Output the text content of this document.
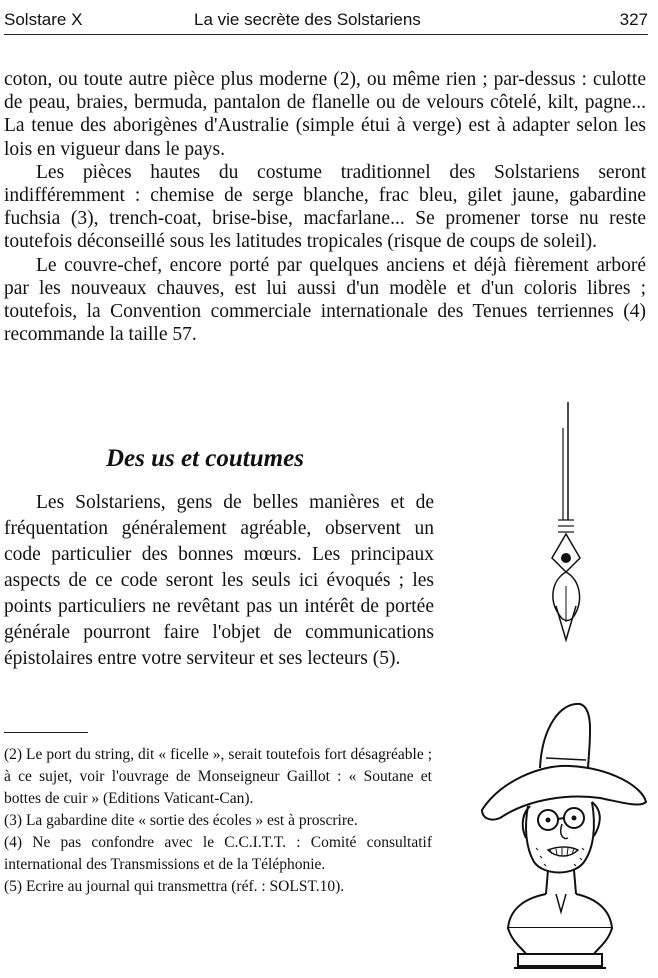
Solstare X	La vie secrète des Solstariens	327

coton, ou toute autre pièce plus moderne (2), ou même rien ; par-dessus : culotte de peau, braies, bermuda, pantalon de flanelle ou de velours côtelé, kilt, pagne... La tenue des aborigènes d'Australie (simple étui à verge) est à adapter selon les lois en vigueur dans le pays.

Les pièces hautes du costume traditionnel des Solstariens seront indifféremment : chemise de serge blanche, frac bleu, gilet jaune, gabardine fuchsia (3), trench-coat, brise-bise, macfarlane... Se promener torse nu reste toutefois déconseillé sous les latitudes tropicales (risque de coups de soleil).

Le couvre-chef, encore porté par quelques anciens et déjà fièrement arboré par les nouveaux chauves, est lui aussi d'un modèle et d'un coloris libres ; toutefois, la Convention commerciale internationale des Tenues terriennes (4) recommande la taille 57.

Des us et coutumes

Les Solstariens, gens de belles manières et de fréquentation généralement agréable, observent un code particulier des bonnes mœurs. Les principaux aspects de ce code seront les seuls ici évoqués ; les points particuliers ne revêtant pas un intérêt de portée générale pourront faire l'objet de communications épistolaires entre votre serviteur et ses lecteurs (5).

(2) Le port du string, dit « ficelle », serait toutefois fort désagréable ; à ce sujet, voir l'ouvrage de Monseigneur Gaillot : « Soutane et bottes de cuir » (Editions Vaticant-Can).

(3) La gabardine dite « sortie des écoles » est à proscrire.

(4) Ne pas confondre avec le C.C.I.T.T. : Comité consultatif international des Transmissions et de la Téléphonie.

(5) Ecrire au journal qui transmettra (réf. : SOLST.10).
